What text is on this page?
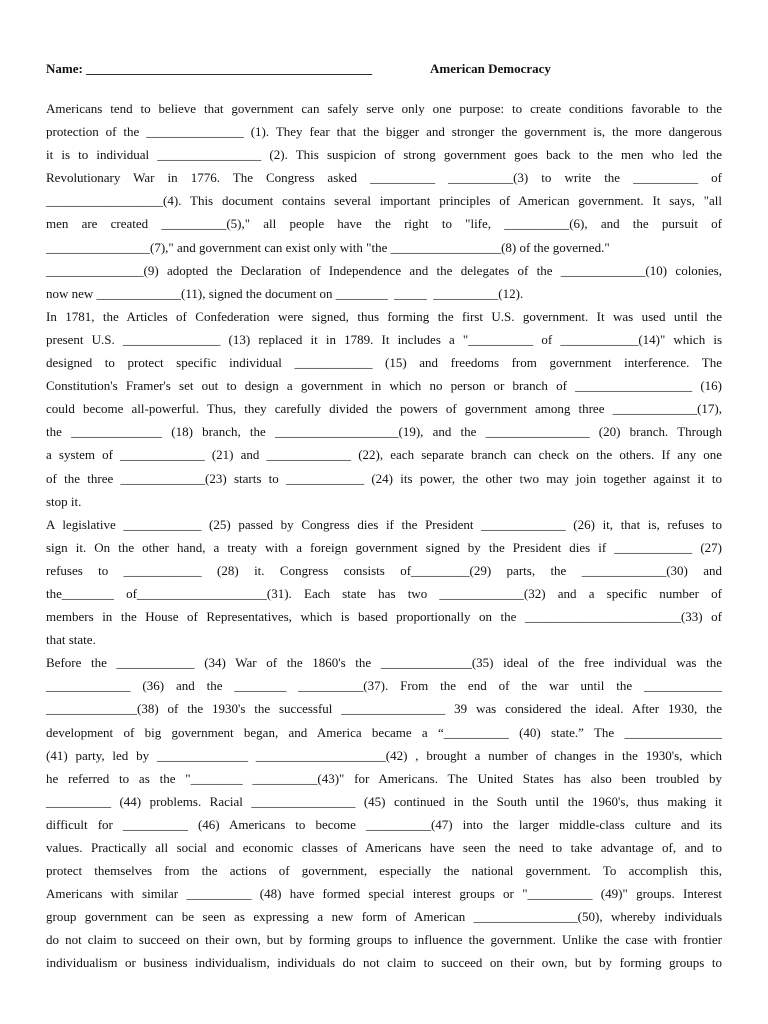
Name: ____________________________________________	American Democracy
Americans tend to believe that government can safely serve only one purpose: to create conditions favorable to the
protection of the _______________ (1). They fear that the bigger and stronger the government is, the more dangerous
it is to individual ________________ (2). This suspicion of strong government goes back to the men who led the
Revolutionary War in 1776. The Congress asked __________ __________(3) to write the __________ of
__________________(4). This document contains several important principles of American government. It says, "all
men are created __________(5)," all people have the right to "life, __________(6), and the pursuit of
________________(7)," and government can exist only with "the _________________(8) of the governed."
_______________(9) adopted the Declaration of Independence and the delegates of the _____________(10) colonies,
now new _____________(11), signed the document on ________  _____  __________(12).
In 1781, the Articles of Confederation were signed, thus forming the first U.S. government. It was used until the
present U.S. _______________ (13) replaced it in 1789. It includes a "__________ of ____________(14)" which is
designed to protect specific individual ____________ (15) and freedoms from government interference. The
Constitution's Framer's set out to design a government in which no person or branch of __________________ (16)
could become all-powerful. Thus, they carefully divided the powers of government among three _____________(17),
the ______________ (18) branch, the ___________________(19), and the ________________ (20) branch. Through
a system of _____________ (21) and _____________ (22), each separate branch can check on the others. If any one
of the three _____________(23) starts to ____________ (24) its power, the other two may join together against it to
stop it.
A legislative ____________ (25) passed by Congress dies if the President _____________ (26) it, that is, refuses to
sign it. On the other hand, a treaty with a foreign government signed by the President dies if ____________ (27)
refuses to ____________ (28) it. Congress consists of_________(29) parts, the _____________(30) and
the________ of____________________(31). Each state has two _____________(32) and a specific number of
members in the House of Representatives, which is based proportionally on the ________________________(33) of
that state.
Before the ____________ (34) War of the 1860's the ______________(35) ideal of the free individual was the
_____________ (36) and the ________ __________(37). From the end of the war until the ____________
______________(38) of the 1930's the successful ________________ 39 was considered the ideal. After 1930, the
development of big government began, and America became a “__________ (40) state.” The _______________
(41) party, led by ______________ ____________________(42) , brought a number of changes in the 1930's, which
he referred to as the "________ __________(43)" for Americans. The United States has also been troubled by
__________ (44) problems. Racial ________________ (45) continued in the South until the 1960's, thus making it
difficult for __________ (46) Americans to become __________(47) into the larger middle-class culture and its
values. Practically all social and economic classes of Americans have seen the need to take advantage of, and to
protect themselves from the actions of government, especially the national government. To accomplish this,
Americans with similar __________ (48) have formed special interest groups or "__________ (49)" groups. Interest
group government can be seen as expressing a new form of American ________________(50), whereby individuals
do not claim to succeed on their own, but by forming groups to influence the government. Unlike the case with frontier
individualism or business individualism, individuals do not claim to succeed on their own, but by forming groups to
